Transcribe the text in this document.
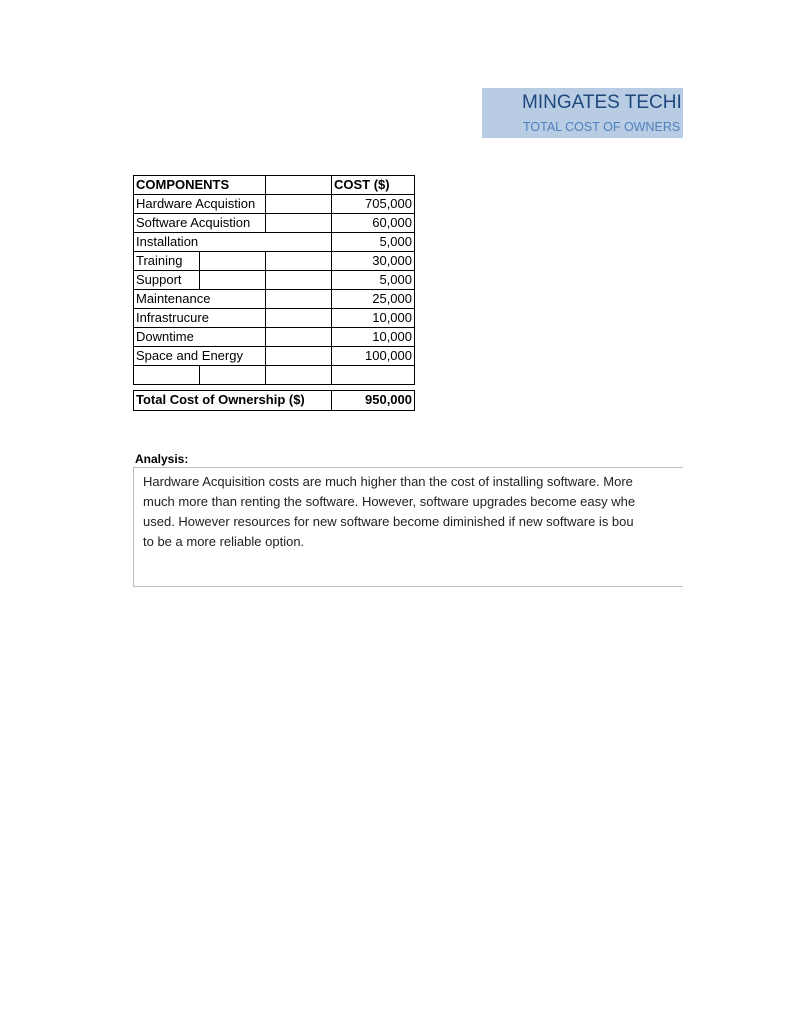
MINGATES TECHI
TOTAL COST OF OWNERS
COMPONENTS			COST ($)
Hardware Acquistion			705,000
Software Acquistion			60,000
Installation			5,000
Training			30,000
Support			5,000
Maintenance			25,000
Infrastrucure			10,000
Downtime			10,000
Space and Energy			100,000

Total Cost of Ownership ($)			950,000
Analysis:
Hardware Acquisition costs are much higher than the cost of installing software. More
much more than renting the software. However, software upgrades become easy whe
used. However resources for new software become diminished if new software is bou
to be a more reliable option.
